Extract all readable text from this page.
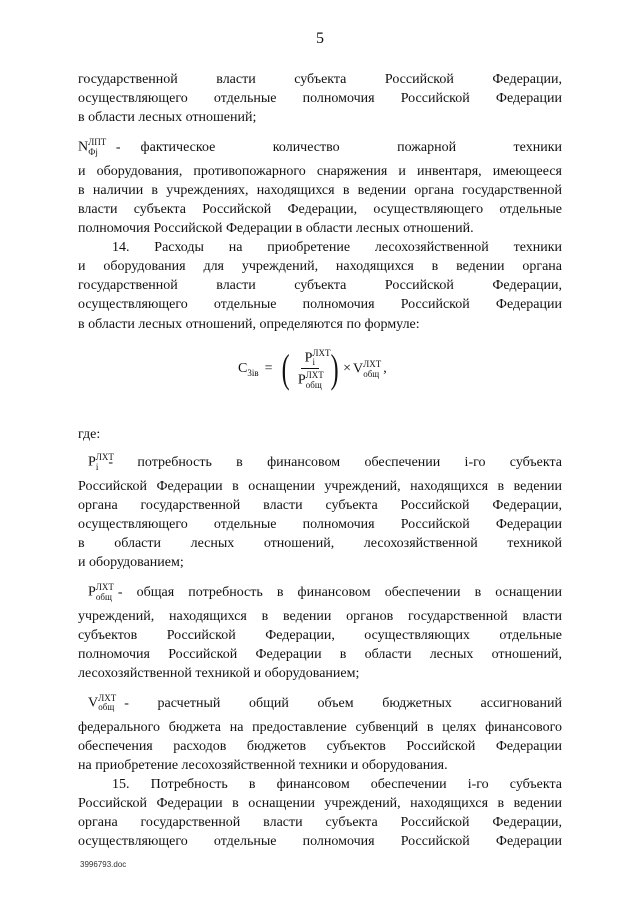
5
государственной власти субъекта Российской Федерации,
осуществляющего отдельные полномочия Российской Федерации
в области лесных отношений;
$N^{ЛПТ}_{Фj}$ - фактическое количество пожарной техники
и оборудования, противопожарного снаряжения и инвентаря, имеющееся
в наличии в учреждениях, находящихся в ведении органа государственной
власти субъекта Российской Федерации, осуществляющего отдельные
полномочия Российской Федерации в области лесных отношений.
14. Расходы на приобретение лесохозяйственной техники
и оборудования для учреждений, находящихся в ведении органа
государственной власти субъекта Российской Федерации,
осуществляющего отдельные полномочия Российской Федерации
в области лесных отношений, определяются по формуле:
$C_{3iв}$ = ( $\frac{P^{ЛХТ}_i}{P^{ЛХТ}_{общ}}$ ) × $V^{ЛХТ}_{общ}$ ,
где:
$P^{ЛХТ}_i$ - потребность в финансовом обеспечении i-го субъекта
Российской Федерации в оснащении учреждений, находящихся в ведении
органа государственной власти субъекта Российской Федерации,
осуществляющего отдельные полномочия Российской Федерации
в области лесных отношений, лесохозяйственной техникой
и оборудованием;
$P^{ЛХТ}_{общ}$ - общая потребность в финансовом обеспечении в оснащении
учреждений, находящихся в ведении органов государственной власти
субъектов Российской Федерации, осуществляющих отдельные
полномочия Российской Федерации в области лесных отношений,
лесохозяйственной техникой и оборудованием;
$V^{ЛХТ}_{общ}$ - расчетный общий объем бюджетных ассигнований
федерального бюджета на предоставление субвенций в целях финансового
обеспечения расходов бюджетов субъектов Российской Федерации
на приобретение лесохозяйственной техники и оборудования.
15. Потребность в финансовом обеспечении i-го субъекта
Российской Федерации в оснащении учреждений, находящихся в ведении
органа государственной власти субъекта Российской Федерации,
осуществляющего отдельные полномочия Российской Федерации
3996793.doc
